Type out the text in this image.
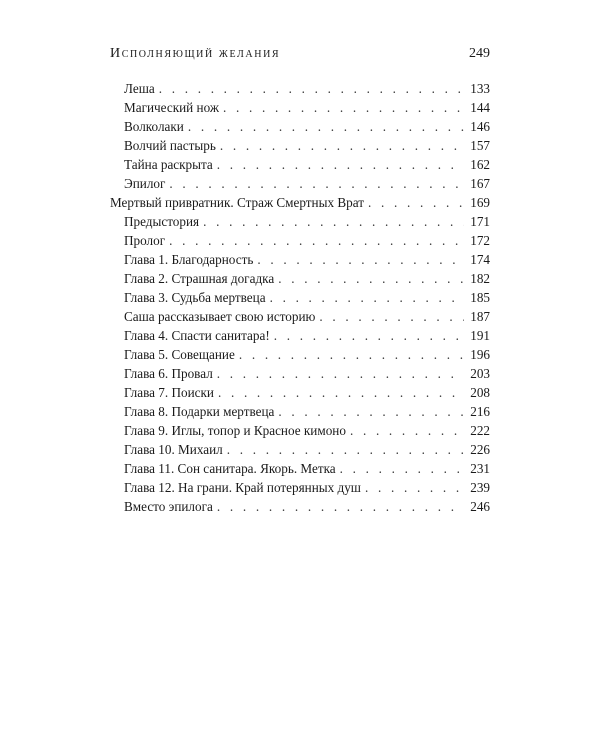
Исполняющий желания	249
Леша . . .	133
Магический нож . . .	144
Волколаки . . .	146
Волчий пастырь . . .	157
Тайна раскрыта . . .	162
Эпилог . . .	167
Мертвый привратник. Страж Смертных Врат . . .	169
Предыстория . . .	171
Пролог . . .	172
Глава 1. Благодарность . . .	174
Глава 2. Страшная догадка . . .	182
Глава 3. Судьба мертвеца . . .	185
Саша рассказывает свою историю . . .	187
Глава 4. Спасти санитара! . . .	191
Глава 5. Совещание . . .	196
Глава 6. Провал . . .	203
Глава 7. Поиски . . .	208
Глава 8. Подарки мертвеца . . .	216
Глава 9. Иглы, топор и Красное кимоно . . .	222
Глава 10. Михаил . . .	226
Глава 11. Сон санитара. Якорь. Метка . . .	231
Глава 12. На грани. Край потерянных душ . . .	239
Вместо эпилога . . .	246
